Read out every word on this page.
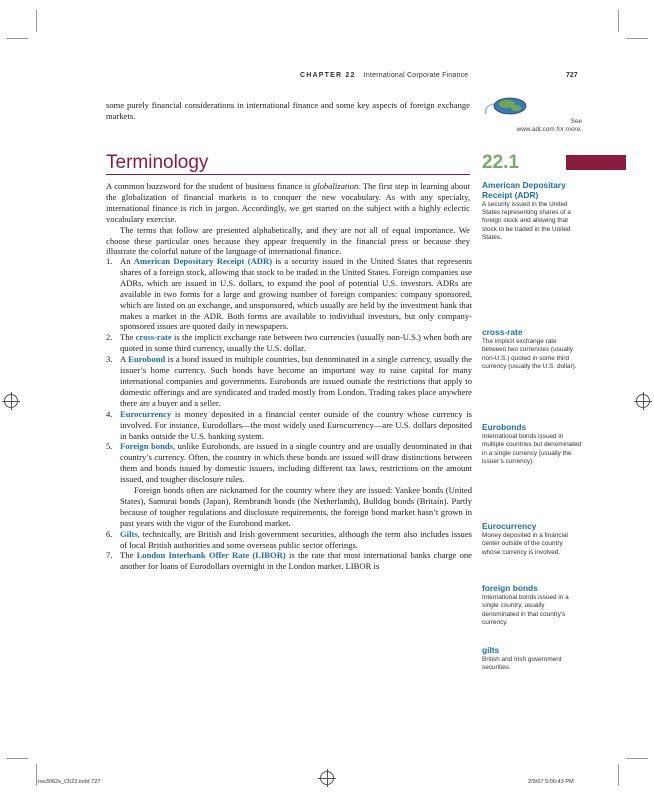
CHAPTER 22 International Corporate Finance	727
some purely financial considerations in international finance and some key aspects of foreign exchange markets.
See
www.adr.com for more.
Terminology	22.1

A common buzzword for the student of business finance is globalization. The first step in learning about the globalization of financial markets is to conquer the new vocabulary. As with any specialty, international finance is rich in jargon. Accordingly, we get started on the subject with a highly eclectic vocabulary exercise.

The terms that follow are presented alphabetically, and they are not all of equal importance. We choose these particular ones because they appear frequently in the financial press or because they illustrate the colorful nature of the language of international finance.

1. An American Depositary Receipt (ADR) is a security issued in the United States that represents shares of a foreign stock, allowing that stock to be traded in the United States. Foreign companies use ADRs, which are issued in U.S. dollars, to expand the pool of potential U.S. investors. ADRs are available in two forms for a large and growing number of foreign companies: company sponsored, which are listed on an exchange, and unsponsored, which usually are held by the investment bank that makes a market in the ADR. Both forms are available to individual investors, but only company-sponsored issues are quoted daily in newspapers.
2. The cross-rate is the implicit exchange rate between two currencies (usually non-U.S.) when both are quoted in some third currency, usually the U.S. dollar.
3. A Eurobond is a bond issued in multiple countries, but denominated in a single currency, usually the issuer’s home currency. Such bonds have become an important way to raise capital for many international companies and governments. Eurobonds are issued outside the restrictions that apply to domestic offerings and are syndicated and traded mostly from London. Trading takes place anywhere there are a buyer and a seller.
4. Eurocurrency is money deposited in a financial center outside of the country whose currency is involved. For instance, Eurodollars—the most widely used Eurocurrency—are U.S. dollars deposited in banks outside the U.S. banking system.
5. Foreign bonds, unlike Eurobonds, are issued in a single country and are usually denominated in that country’s currency. Often, the country in which these bonds are issued will draw distinctions between them and bonds issued by domestic issuers, including different tax laws, restrictions on the amount issued, and tougher disclosure rules.

Foreign bonds often are nicknamed for the country where they are issued: Yankee bonds (United States), Samurai bonds (Japan), Rembrandt bonds (the Netherlands), Bulldog bonds (Britain). Partly because of tougher regulations and disclosure requirements, the foreign bond market hasn’t grown in past years with the vigor of the Eurobond market.

6. Gilts, technically, are British and Irish government securities, although the term also includes issues of local British authorities and some overseas public sector offerings.
7. The London Interbank Offer Rate (LIBOR) is the rate that most international banks charge one another for loans of Eurodollars overnight in the London market. LIBOR is
American Depositary Receipt (ADR)
A security issued in the United States representing shares of a foreign stock and allowing that stock to be traded in the United States.
cross-rate
The implicit exchange rate between two currencies (usually non-U.S.) quoted in some third currency (usually the U.S. dollar).
Eurobonds
International bonds issued in multiple countries but denominated in a single currency (usually the issuer’s currency).
Eurocurrency
Money deposited in a financial center outside of the country whose currency is involved.
foreign bonds
International bonds issued in a single country, usually denominated in that country’s currency.
gilts
British and Irish government securities.
ros3062x_Ch22.indd 727	2/9/07 5:06:43 PM
